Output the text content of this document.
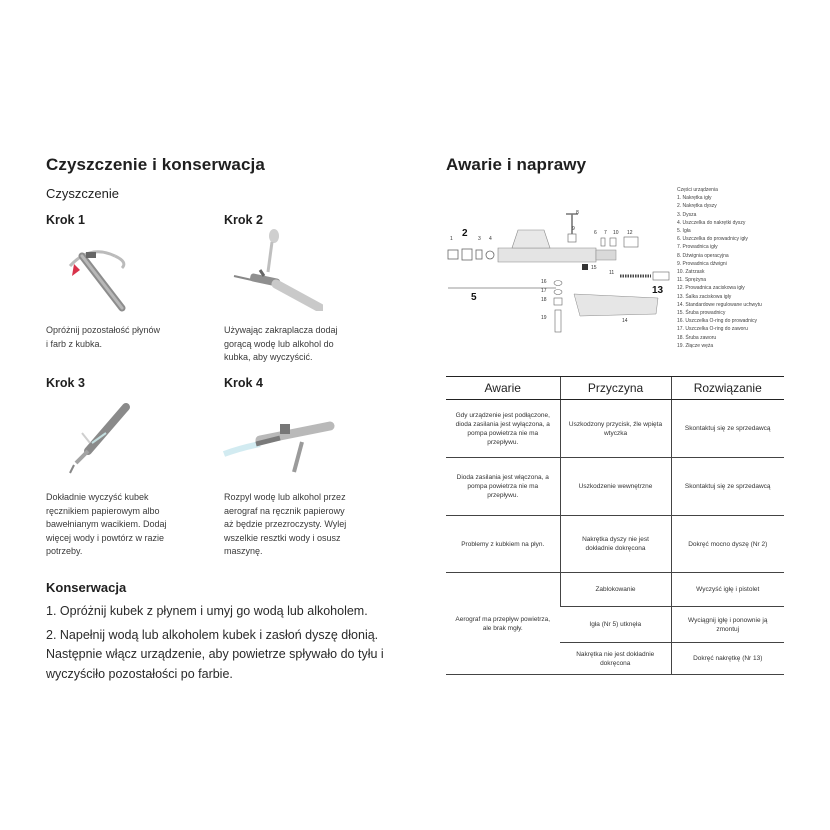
Czyszczenie i konserwacja
Czyszczenie
Krok 1
Opróżnij pozostałość płynów
i farb z kubka.
Krok 2
Używając zakraplacza dodaj
gorącą wodę lub alkohol do
kubka, aby wyczyścić.
Krok 3
Dokładnie wyczyść kubek
ręcznikiem papierowym albo
bawełnianym wacikiem. Dodaj
więcej wody i powtórz w razie
potrzeby.
Krok 4
Rozpyl wodę lub alkohol przez
aerograf na ręcznik papierowy
aż będzie przezroczysty. Wylej
wszelkie resztki wody i osusz
maszynę.
Konserwacja
1. Opróżnij kubek z płynem i umyj go wodą lub alkoholem.
2. Napełnij wodą lub alkoholem kubek i zasłoń dyszę dłonią.
Następnie włącz urządzenie, aby powietrze spływało do tyłu i
wyczyściło pozostałości po farbie.
Awarie i naprawy
1 2 3 4
5
6 7
8
9
10
11
12
13
14
15
16
17
18
19
Części urządzenia
1. Nakrętka igły
2. Nakrętka dyszy
3. Dysza
4. Uszczelka do nakrętki dyszy
5. Igła
6. Uszczelka do prowadnicy igły
7. Prowadnica igły
8. Dźwignia operacyjna
9. Prowadnica dźwigni
10. Zatrzask
11. Sprężyna
12. Prowadnica zaciskowa igły
13. Śalka zaciskowa igły
14. Standardowe regulowane uchwytu
15. Śruba prowadnicy
16. Uszczelka O-ring do prowadnicy
17. Uszczelka O-ring do zaworu
18. Śruba zaworu
19. Złącze węża
Awarie	Przyczyna	Rozwiązanie
Gdy urządzenie jest podłączone, dioda zasilania jest wyłączona, a pompa powietrza nie ma przepływu.	Uszkodzony przycisk, źle wpięta wtyczka	Skontaktuj się ze sprzedawcą
Dioda zasilania jest włączona, a pompa powietrza nie ma przepływu.	Uszkodzenie wewnętrzne	Skontaktuj się ze sprzedawcą
Problemy z kubkiem na płyn.	Nakrętka dyszy nie jest dokładnie dokręcona	Dokręć mocno dyszę (Nr 2)
Aerograf ma przepływ powietrza, ale brak mgły.	Zablokowanie	Wyczyść igłę i pistolet
	Igła (Nr 5) utknęła	Wyciągnij igłę i ponownie ją zmontuj
	Nakrętka nie jest dokładnie dokręcona	Dokręć nakrętkę (Nr 13)
